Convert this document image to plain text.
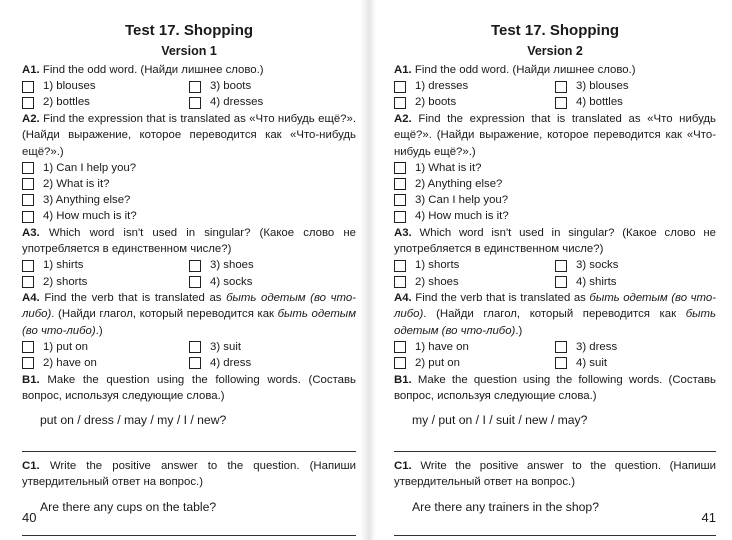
Test 17. Shopping
Version 1
A1. Find the odd word. (Найди лишнее слово.)
1) blouses	3) boots
2) bottles	4) dresses
A2. Find the expression that is translated as «Что нибудь ещё?». (Найди выражение, которое переводится как «Что-нибудь ещё?».)
1) Can I help you?
2) What is it?
3) Anything else?
4) How much is it?
A3. Which word isn't used in singular? (Какое слово не употребляется в единственном числе?)
1) shirts	3) shoes
2) shorts	4) socks
A4. Find the verb that is translated as быть одетым (во что-либо). (Найди глагол, который переводится как быть одетым (во что-либо).)
1) put on	3) suit
2) have on	4) dress
B1. Make the question using the following words. (Составь вопрос, используя следующие слова.)
put on / dress / may / my / I / new?
C1. Write the positive answer to the question. (Напиши утвердительный ответ на вопрос.)
Are there any cups on the table?
40
Test 17. Shopping
Version 2
A1. Find the odd word. (Найди лишнее слово.)
1) dresses	3) blouses
2) boots	4) bottles
A2. Find the expression that is translated as «Что нибудь ещё?». (Найди выражение, которое переводится как «Что-нибудь ещё?».)
1) What is it?
2) Anything else?
3) Can I help you?
4) How much is it?
A3. Which word isn't used in singular? (Какое слово не употребляется в единственном числе?)
1) shorts	3) socks
2) shoes	4) shirts
A4. Find the verb that is translated as быть одетым (во что-либо). (Найди глагол, который переводится как быть одетым (во что-либо).)
1) have on	3) dress
2) put on	4) suit
B1. Make the question using the following words. (Составь вопрос, используя следующие слова.)
my / put on / I / suit / new / may?
C1. Write the positive answer to the question. (Напиши утвердительный ответ на вопрос.)
Are there any trainers in the shop?
41
